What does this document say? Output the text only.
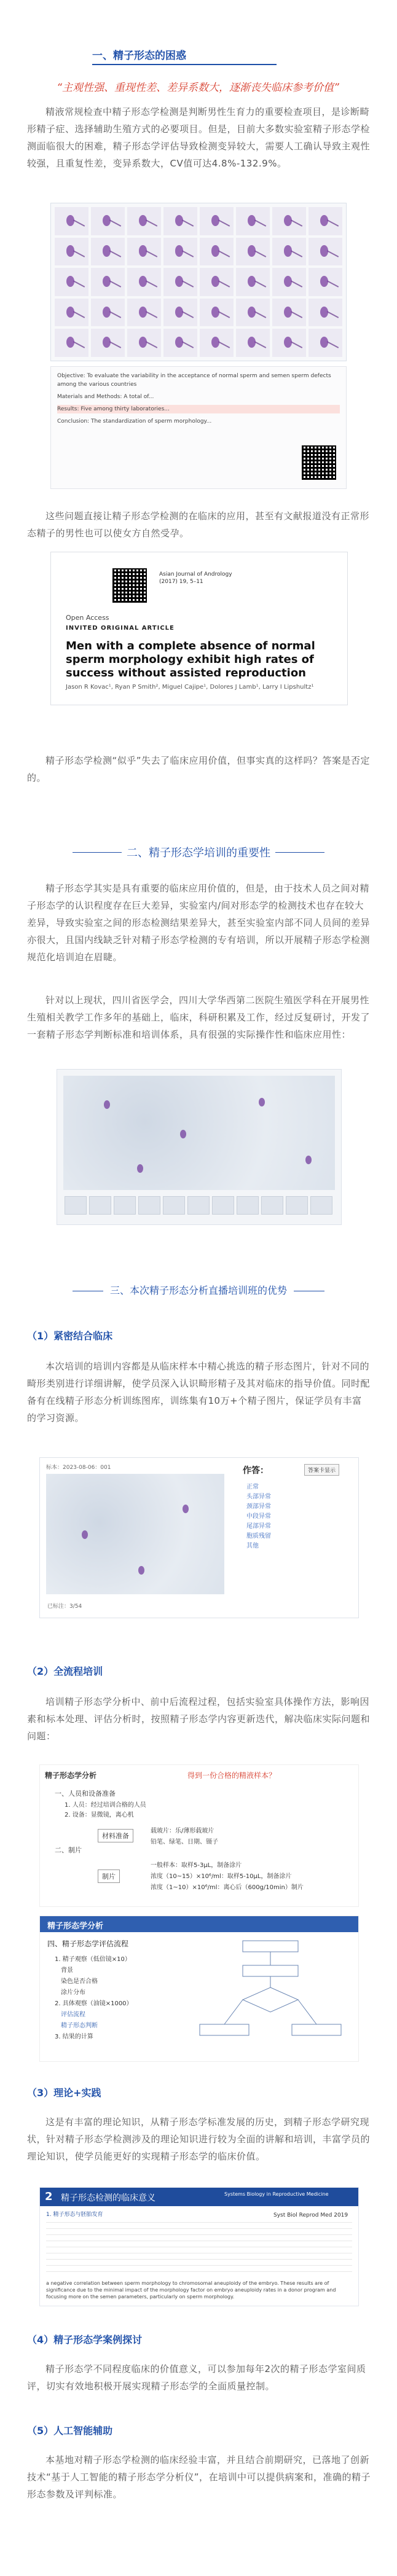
一、精子形态的困惑
“主观性强、重现性差、差异系数大，逐渐丧失临床参考价值”

精液常规检查中精子形态学检测是判断男性生育力的重要检查项目，是诊断畸形精子症、选择辅助生殖方式的必要项目。但是，目前大多数实验室精子形态学检测面临很大的困难，精子形态学评估导致检测变异较大，需要人工确认导致主观性较强，且重复性差，变异系数大，CV值可达4.8%-132.9%。

Objective: To evaluate the variability in the acceptance of normal sperm and semen sperm defects among the various countries
Materials and Methods: A total of...
Results: Five among thirty laboratories...
Conclusion: The standardization of sperm morphology...

这些问题直接让精子形态学检测的在临床的应用，甚至有文献报道没有正常形态精子的男性也可以使女方自然受孕。

Asian Journal of Andrology (2017) 19, 5–11
Open Access
INVITED ORIGINAL ARTICLE
Men with a complete absence of normal sperm morphology exhibit high rates of success without assisted reproduction
Jason R Kovac¹, Ryan P Smith², Miguel Cajipe¹, Dolores J Lamb¹, Larry I Lipshultz¹

精子形态学检测“似乎”失去了临床应用价值，但事实真的这样吗？答案是否定的。

二、精子形态学培训的重要性

精子形态学其实是具有重要的临床应用价值的，但是，由于技术人员之间对精子形态学的认识程度存在巨大差异，实验室内/间对形态学的检测技术也存在较大差异，导致实验室之间的形态检测结果差异大，甚至实验室内部不同人员间的差异亦很大，且国内线缺乏针对精子形态学检测的专有培训，所以开展精子形态学检测规范化培训迫在眉睫。

针对以上现状，四川省医学会，四川大学华西第二医院生殖医学科在开展男性生殖相关教学工作多年的基础上，临床，科研积累及工作，经过反复研讨，开发了一套精子形态学判断标准和培训体系，具有很强的实际操作性和临床应用性：

三、本次精子形态分析直播培训班的优势
（1）紧密结合临床

本次培训的培训内容都是从临床样本中精心挑选的精子形态图片，针对不同的畸形类别进行详细讲解，使学员深入认识畸形精子及其对临床的指导价值。同时配备有在线精子形态分析训练图库，训练集有10万+个精子图片，保证学员有丰富的学习资源。

标本：2023-08-06：001	作答：	答案卡显示
正常
头部异常
颈部异常
中段异常
尾部异常
胞质残留
其他
已标注：3/54
（2）全流程培训

培训精子形态学分析中、前中后流程过程，包括实验室具体操作方法，影响因素和标本处理、评估分析时，按照精子形态学内容更新迭代，解决临床实际问题和问题：

精子形态学分析	得到一份合格的精液样本？
一、人员和设备准备
1. 人员：经过培训合格的人员
2. 设备：显微镜，离心机
二、制片
材料准备
制片
载玻片：乐/薄形载玻片
铅笔、绿笔、日期、镊子
一般样本：取样5-3μL，制备涂片
浓度（10~15）×10⁶/ml：取样5-10μL，制备涂片
浓度（1~10）×10⁶/ml：离心后（600g/10min）制片
精子形态学分析
四、精子形态学评估流程
1. 精子观察（低倍镜×10）
背景
染色是否合格
涂片分布
2. 具体观察（油镜×1000）
评估流程
精子形态判断
3. 结果的计算
（3）理论+实践

这是有丰富的理论知识，从精子形态学标准发展的历史，到精子形态学研究现状，针对精子形态学检测涉及的理论知识进行较为全面的讲解和培训，丰富学员的理论知识，使学员能更好的实现精子形态学的临床价值。

2 精子形态检测的临床意义
1. 精子形态与胚胎发育
Systems Biology in Reproductive Medicine
Syst Biol Reprod Med 2019
a negative correlation between sperm morphology to chromosomal aneuploidy of the embryo. These results are of significance due to the minimal impact of the morphology factor on embryo aneuploidy rates in a donor program and focusing more on the semen parameters, particularly on sperm morphology.
（4）精子形态学案例探讨

精子形态学不同程度临床的价值意义，可以参加每年2次的精子形态学室间质评，切实有效地积极开展实现精子形态学的全面质量控制。

（5）人工智能辅助

本基地对精子形态学检测的临床经验丰富，并且结合前期研究，已落地了创新技术“基于人工智能的精子形态学分析仪”，在培训中可以提供病案和，准确的精子形态参数及评判标准。
